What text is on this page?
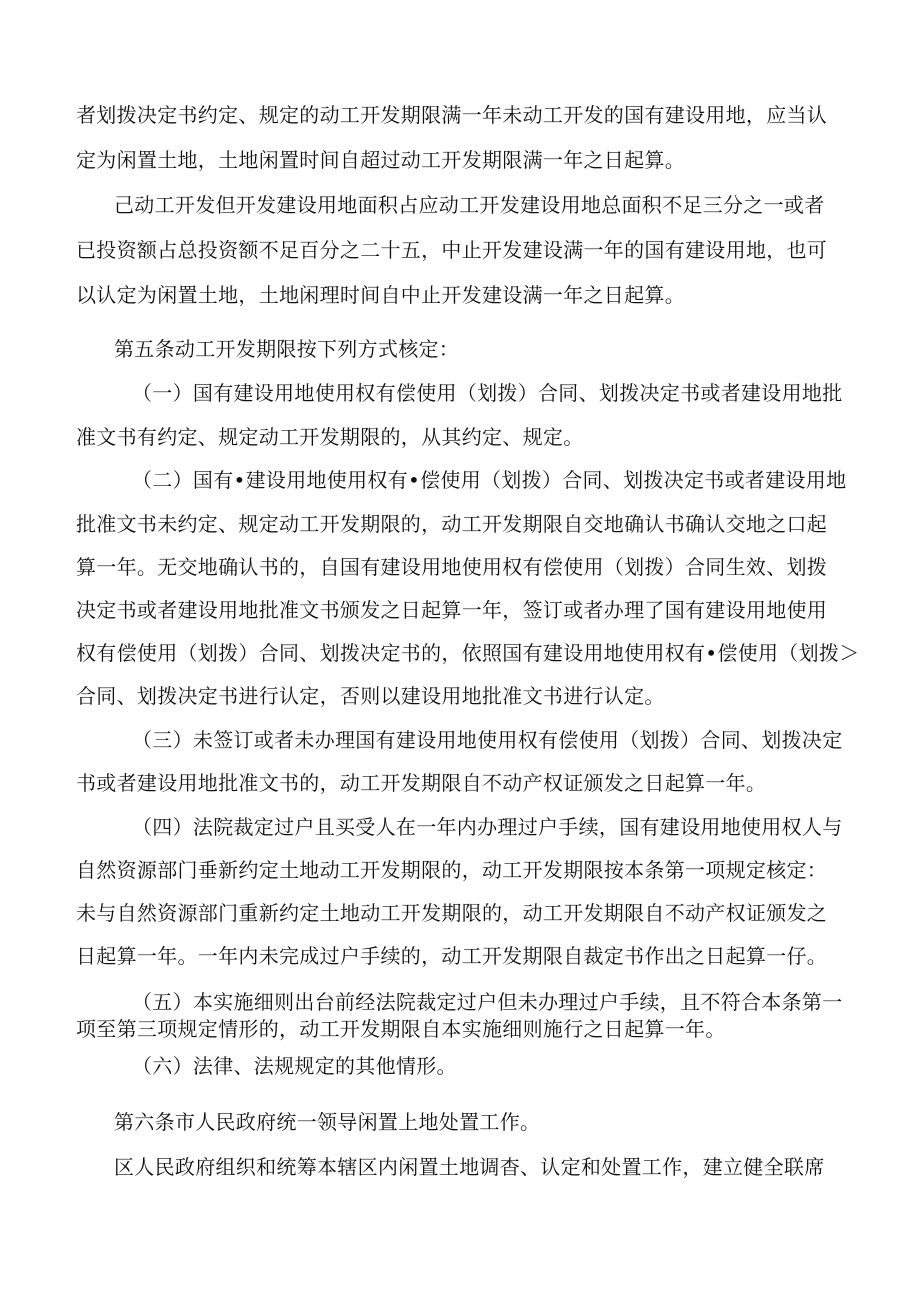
者划拨决定书约定、规定的动工开发期限满一年未动工开发的国有建设用地，应当认
定为闲置土地，土地闲置时间自超过动工开发期限满一年之日起算。
己动工开发但开发建设用地面积占应动工开发建设用地总面积不足三分之一或者
已投资额占总投资额不足百分之二十五，中止开发建设满一年的国有建设用地，也可
以认定为闲置土地，土地闲理时间自中止开发建设满一年之日起算。
第五条动工开发期限按下列方式核定：
（一）国有建设用地使用权有偿使用（划拨）合同、划拨决定书或者建设用地批
准文书有约定、规定动工开发期限的，从其约定、规定。
（二）国有•建设用地使用权有•偿使用（划拨）合同、划拨决定书或者建设用地
批准文书未约定、规定动工开发期限的，动工开发期限自交地确认书确认交地之口起
算一年。无交地确认书的，自国有建设用地使用权有偿使用（划拨）合同生效、划拨
决定书或者建设用地批准文书颁发之日起算一年，签订或者办理了国有建设用地使用
权有偿使用（划拨）合同、划拨决定书的，依照国有建设用地使用权有•偿使用（划拨＞
合同、划拨决定书进行认定，否则以建设用地批准文书进行认定。
（三）未签订或者未办理国有建设用地使用权有偿使用（划拨）合同、划拨决定
书或者建设用地批准文书的，动工开发期限自不动产权证颁发之日起算一年。
（四）法院裁定过户且买受人在一年内办理过户手续，国有建设用地使用权人与
自然资源部门垂新约定土地动工开发期限的，动工开发期限按本条第一项规定核定：
未与自然资源部门重新约定土地动工开发期限的，动工开发期限自不动产权证颁发之
日起算一年。一年内未完成过户手续的，动工开发期限自裁定书作出之日起算一仔。
（五）本实施细则出台前经法院裁定过户但未办理过户手续，且不符合本条第一
项至第三项规定情形的，动工开发期限自本实施细则施行之日起算一年。
（六）法律、法规规定的其他情形。
第六条市人民政府统一领导闲置上地处置工作。
区人民政府组织和统筹本辖区内闲置土地调杳、认定和处置工作，建立健全联席
